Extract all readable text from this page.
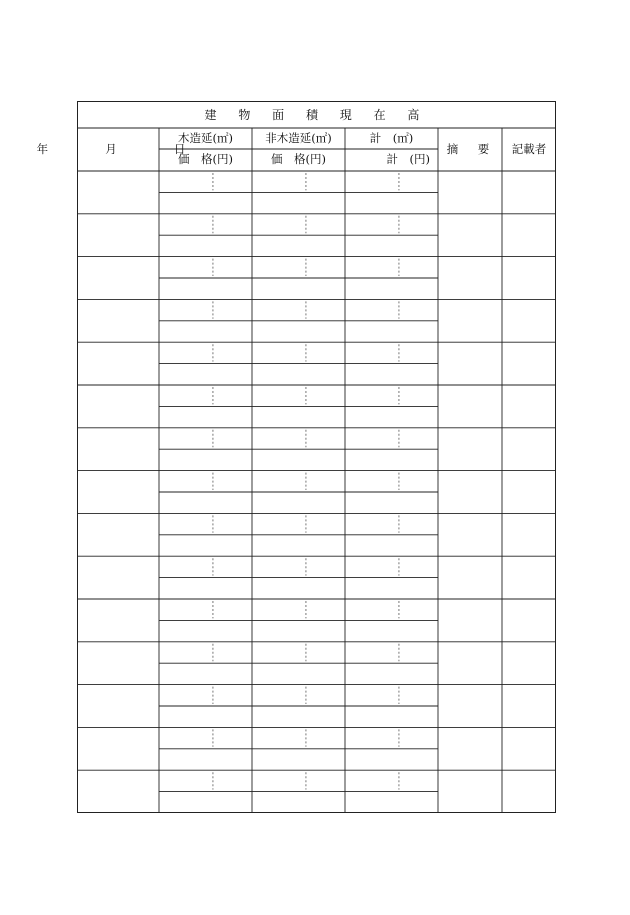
建 物 面 積 現 在 高
年　 月 　日
木造延(㎡)
価　格(円)
非木造延(㎡)
価　格(円)
計　(㎡)
計　(円)
摘　要	記載者
